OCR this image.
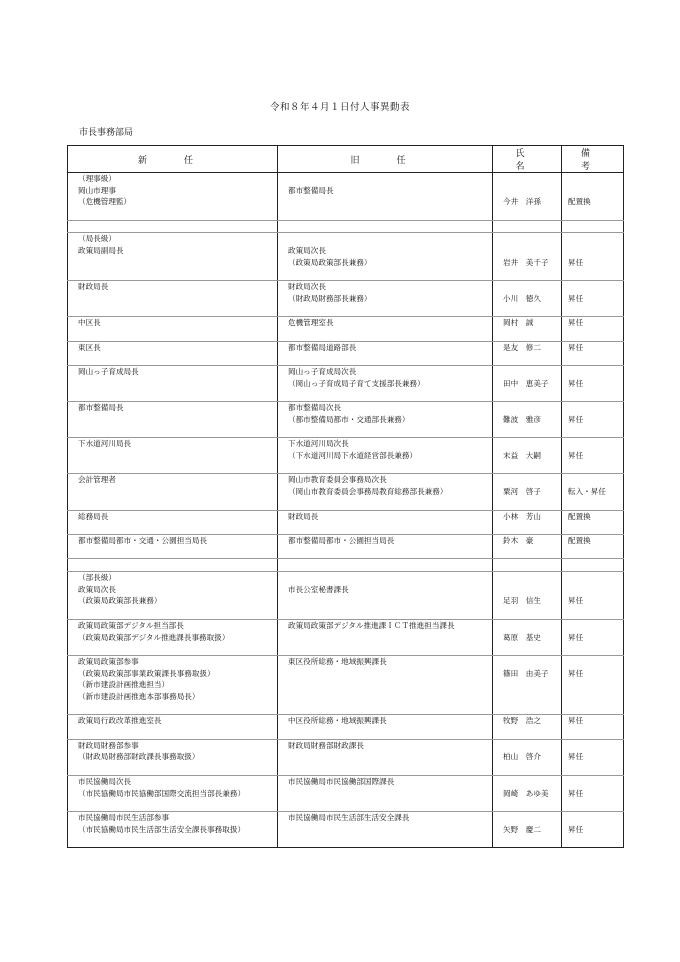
令和８年４月１日付人事異動表
市長事務部局
新　任	旧　任	氏　名	備　考
（理事級）			
岡山市理事	都市整備局長		
（危機管理監）		今井　洋孫	配置換

（局長級）			
政策局副局長	政策局次長		
	（政策局政策部長兼務）	岩井　美千子	昇任

財政局長	財政局次長		
	（財政局財務部長兼務）	小川　徳久	昇任

中区長	危機管理室長	岡村　誠	昇任

東区長	都市整備局道路部長	是友　修二	昇任

岡山っ子育成局長	岡山っ子育成局次長		
	（岡山っ子育成局子育て支援部長兼務）	田中　恵美子	昇任

都市整備局長	都市整備局次長		
	（都市整備局都市・交通部長兼務）	難波　雅彦	昇任

下水道河川局長	下水道河川局次長		
	（下水道河川局下水道経営部長兼務）	末益　大嗣	昇任

会計管理者	岡山市教育委員会事務局次長		
	（岡山市教育委員会事務局教育総務部長兼務）	粟河　啓子	転入・昇任

総務局長	財政局長	小林　芳山	配置換

都市整備局都市・交通・公園担当局長	都市整備局都市・公園担当局長	鈴木　豪	配置換

（部長級）			
政策局次長	市長公室秘書課長		
（政策局政策部長兼務）		足羽　信生	昇任

政策局政策部デジタル担当部長	政策局政策部デジタル推進課ＩＣＴ推進担当課長		
（政策局政策部デジタル推進課長事務取扱）		葛原　基史	昇任

政策局政策部参事	東区役所総務・地域振興課長		
（政策局政策部事業政策課長事務取扱）		篠田　由美子	昇任
（新市建設計画推進担当）			
（新市建設計画推進本部事務局長）			

政策局行政改革推進室長	中区役所総務・地域振興課長	牧野　浩之	昇任

財政局財務部参事	財政局財務部財政課長		
（財政局財務部財政課長事務取扱）		柏山　啓介	昇任

市民協働局次長	市民協働局市民協働部国際課長		
（市民協働局市民協働部国際交流担当部長兼務）		岡崎　あゆ美	昇任

市民協働局市民生活部参事	市民協働局市民生活部生活安全課長		
（市民協働局市民生活部生活安全課長事務取扱）		矢野　慶二	昇任
